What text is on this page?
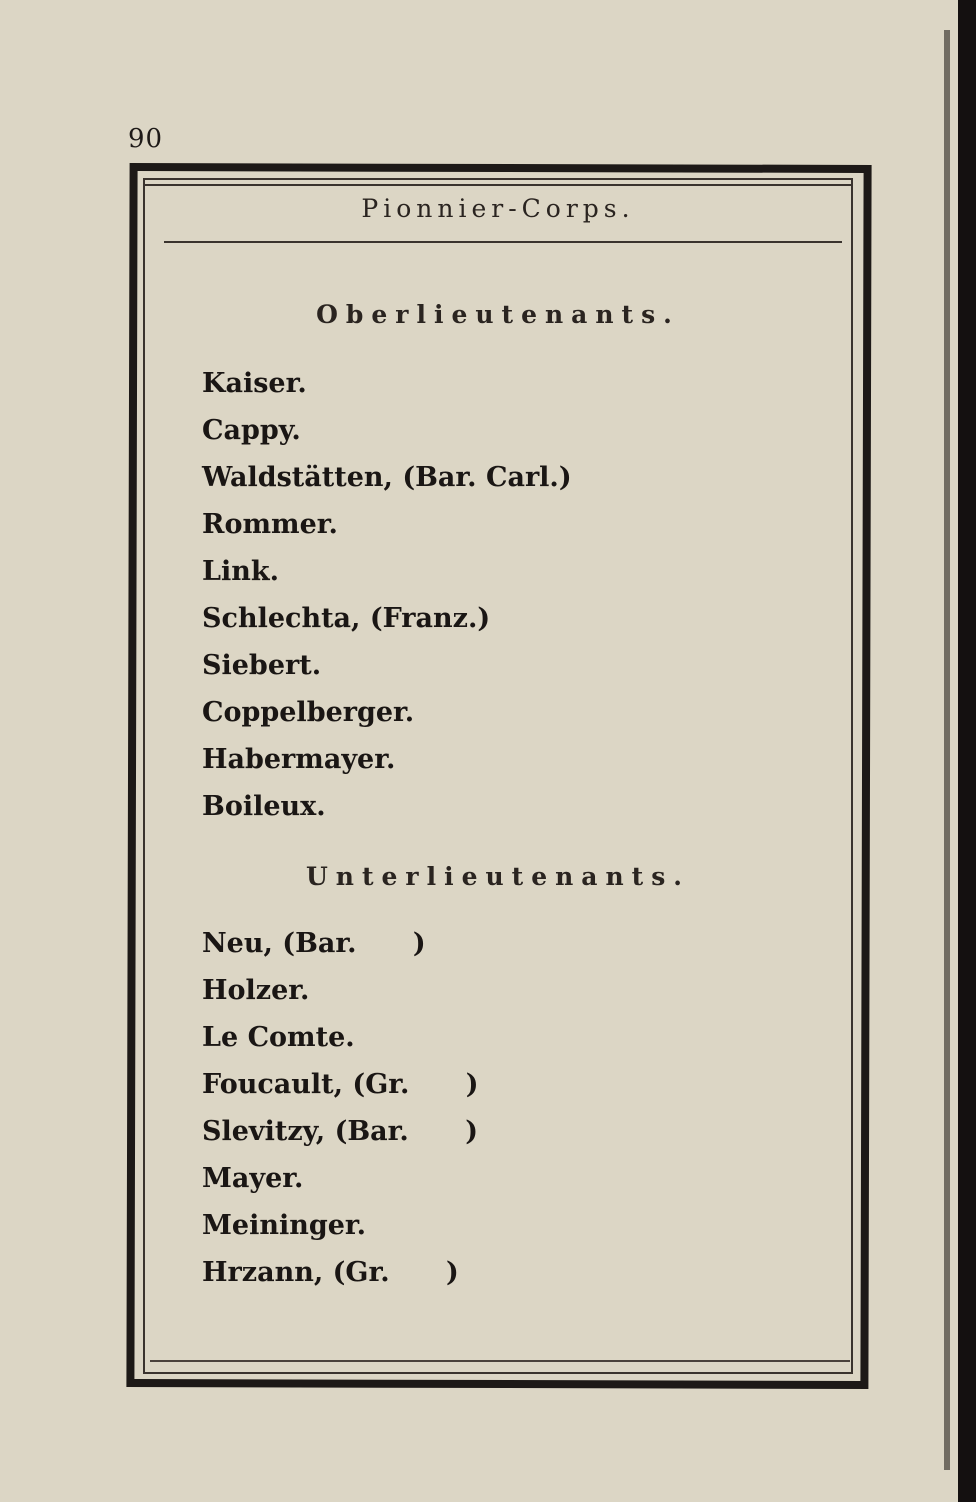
90
Pionnier-Corps.
Oberlieutenants.
Kaiser.
Cappy.
Waldstätten, (Bar. Carl.)
Rommer.
Link.
Schlechta, (Franz.)
Siebert.
Coppelberger.
Habermayer.
Boileux.
Unterlieutenants.
Neu, (Bar.      )
Holzer.
Le Comte.
Foucault, (Gr.      )
Slevitzy, (Bar.      )
Mayer.
Meininger.
Hrzann, (Gr.      )
